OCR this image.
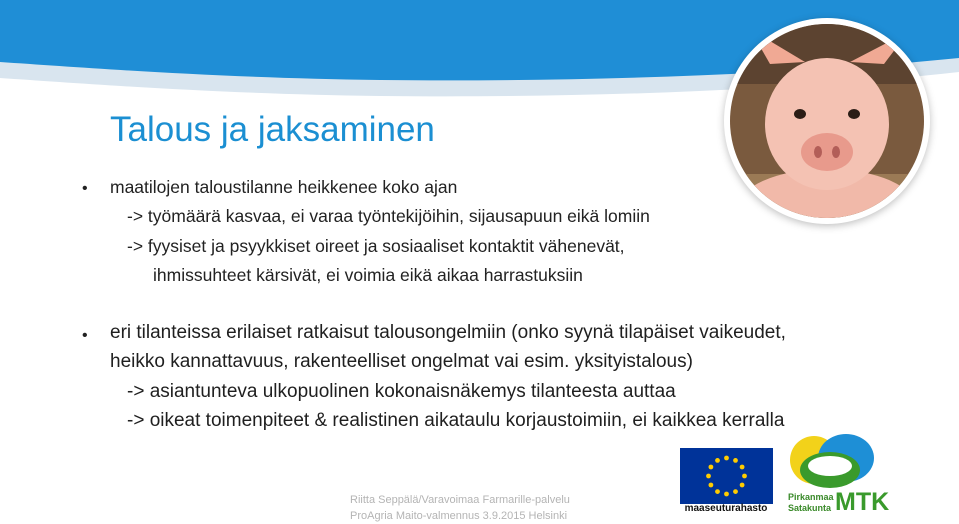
Talous ja jaksaminen
• maatilojen taloustilanne heikkenee koko ajan
-> työmäärä kasvaa, ei varaa työntekijöihin, sijausapuun eikä lomiin
-> fyysiset ja psyykkiset oireet ja sosiaaliset kontaktit vähenevät,
ihmissuhteet kärsivät, ei voimia eikä aikaa harrastuksiin
• eri tilanteissa erilaiset ratkaisut talousongelmiin (onko syynä tilapäiset vaikeudet,
heikko kannattavuus, rakenteelliset ongelmat vai esim. yksityistalous)
-> asiantunteva ulkopuolinen kokonaisnäkemys tilanteesta auttaa
-> oikeat toimenpiteet & realistinen aikataulu korjaustoimiin, ei kaikkea kerralla
maaseuturahasto
Pirkanmaa
Satakunta MTK
Riitta Seppälä/Varavoimaa Farmarille-palvelu
ProAgria Maito-valmennus 3.9.2015 Helsinki
